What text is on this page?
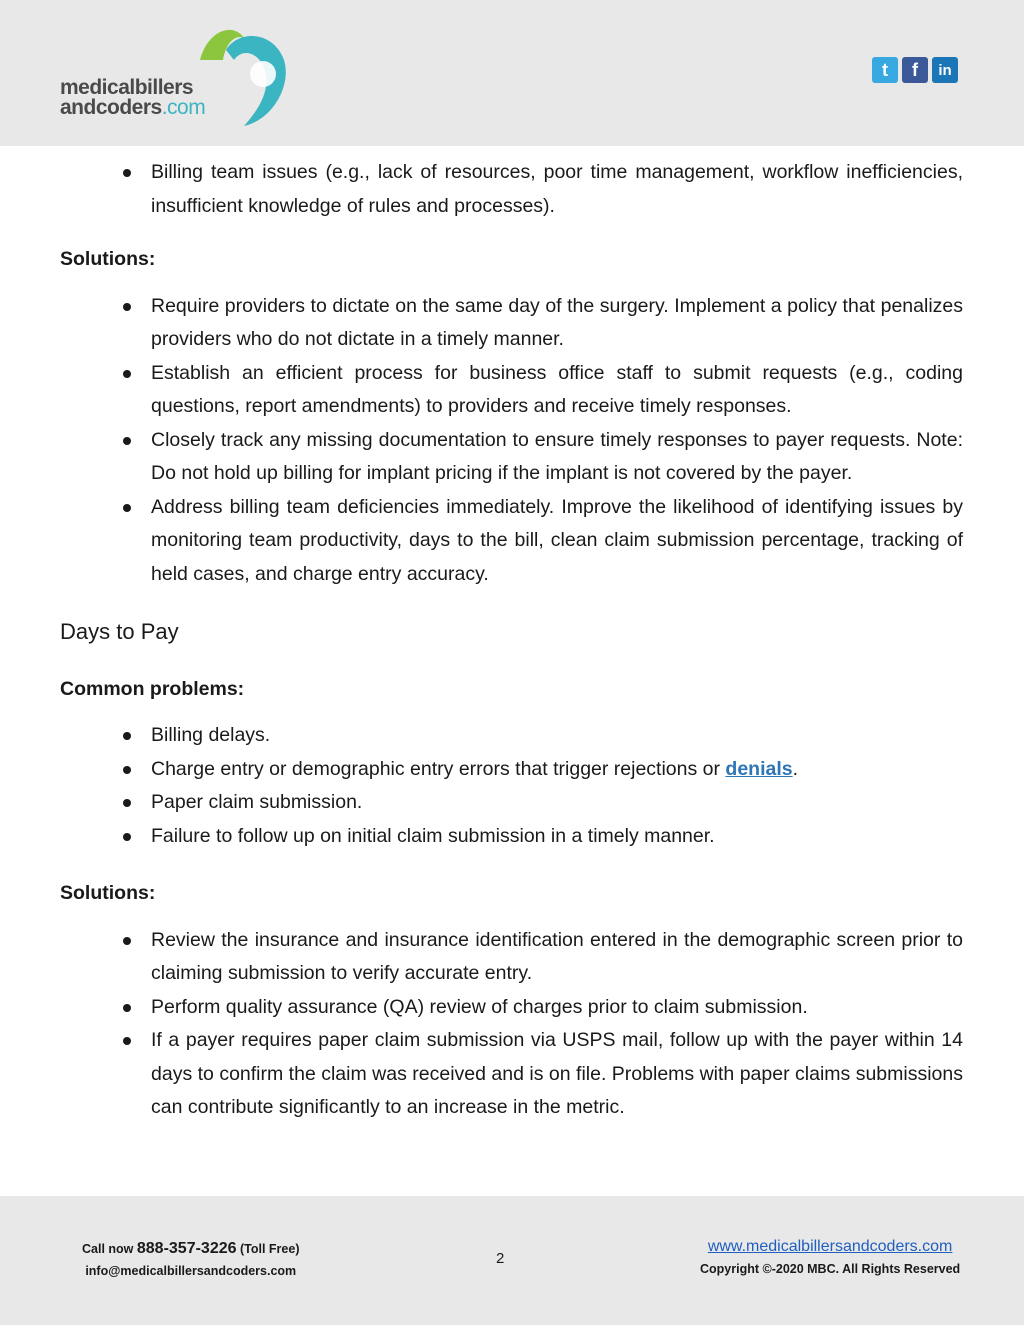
medicalbillers
andcoders.com
t	f	in
Billing team issues (e.g., lack of resources, poor time management, workflow inefficiencies, insufficient knowledge of rules and processes).

Solutions:

Require providers to dictate on the same day of the surgery. Implement a policy that penalizes providers who do not dictate in a timely manner.
Establish an efficient process for business office staff to submit requests (e.g., coding questions, report amendments) to providers and receive timely responses.
Closely track any missing documentation to ensure timely responses to payer requests. Note: Do not hold up billing for implant pricing if the implant is not covered by the payer.
Address billing team deficiencies immediately. Improve the likelihood of identifying issues by monitoring team productivity, days to the bill, clean claim submission percentage, tracking of held cases, and charge entry accuracy.

Days to Pay

Common problems:

Billing delays.
Charge entry or demographic entry errors that trigger rejections or denials.
Paper claim submission.
Failure to follow up on initial claim submission in a timely manner.

Solutions:

Review the insurance and insurance identification entered in the demographic screen prior to claiming submission to verify accurate entry.
Perform quality assurance (QA) review of charges prior to claim submission.
If a payer requires paper claim submission via USPS mail, follow up with the payer within 14 days to confirm the claim was received and is on file. Problems with paper claims submissions can contribute significantly to an increase in the metric.
Call now 888-357-3226 (Toll Free)
info@medicalbillersandcoders.com
2
www.medicalbillersandcoders.com
Copyright ©-2020 MBC. All Rights Reserved
